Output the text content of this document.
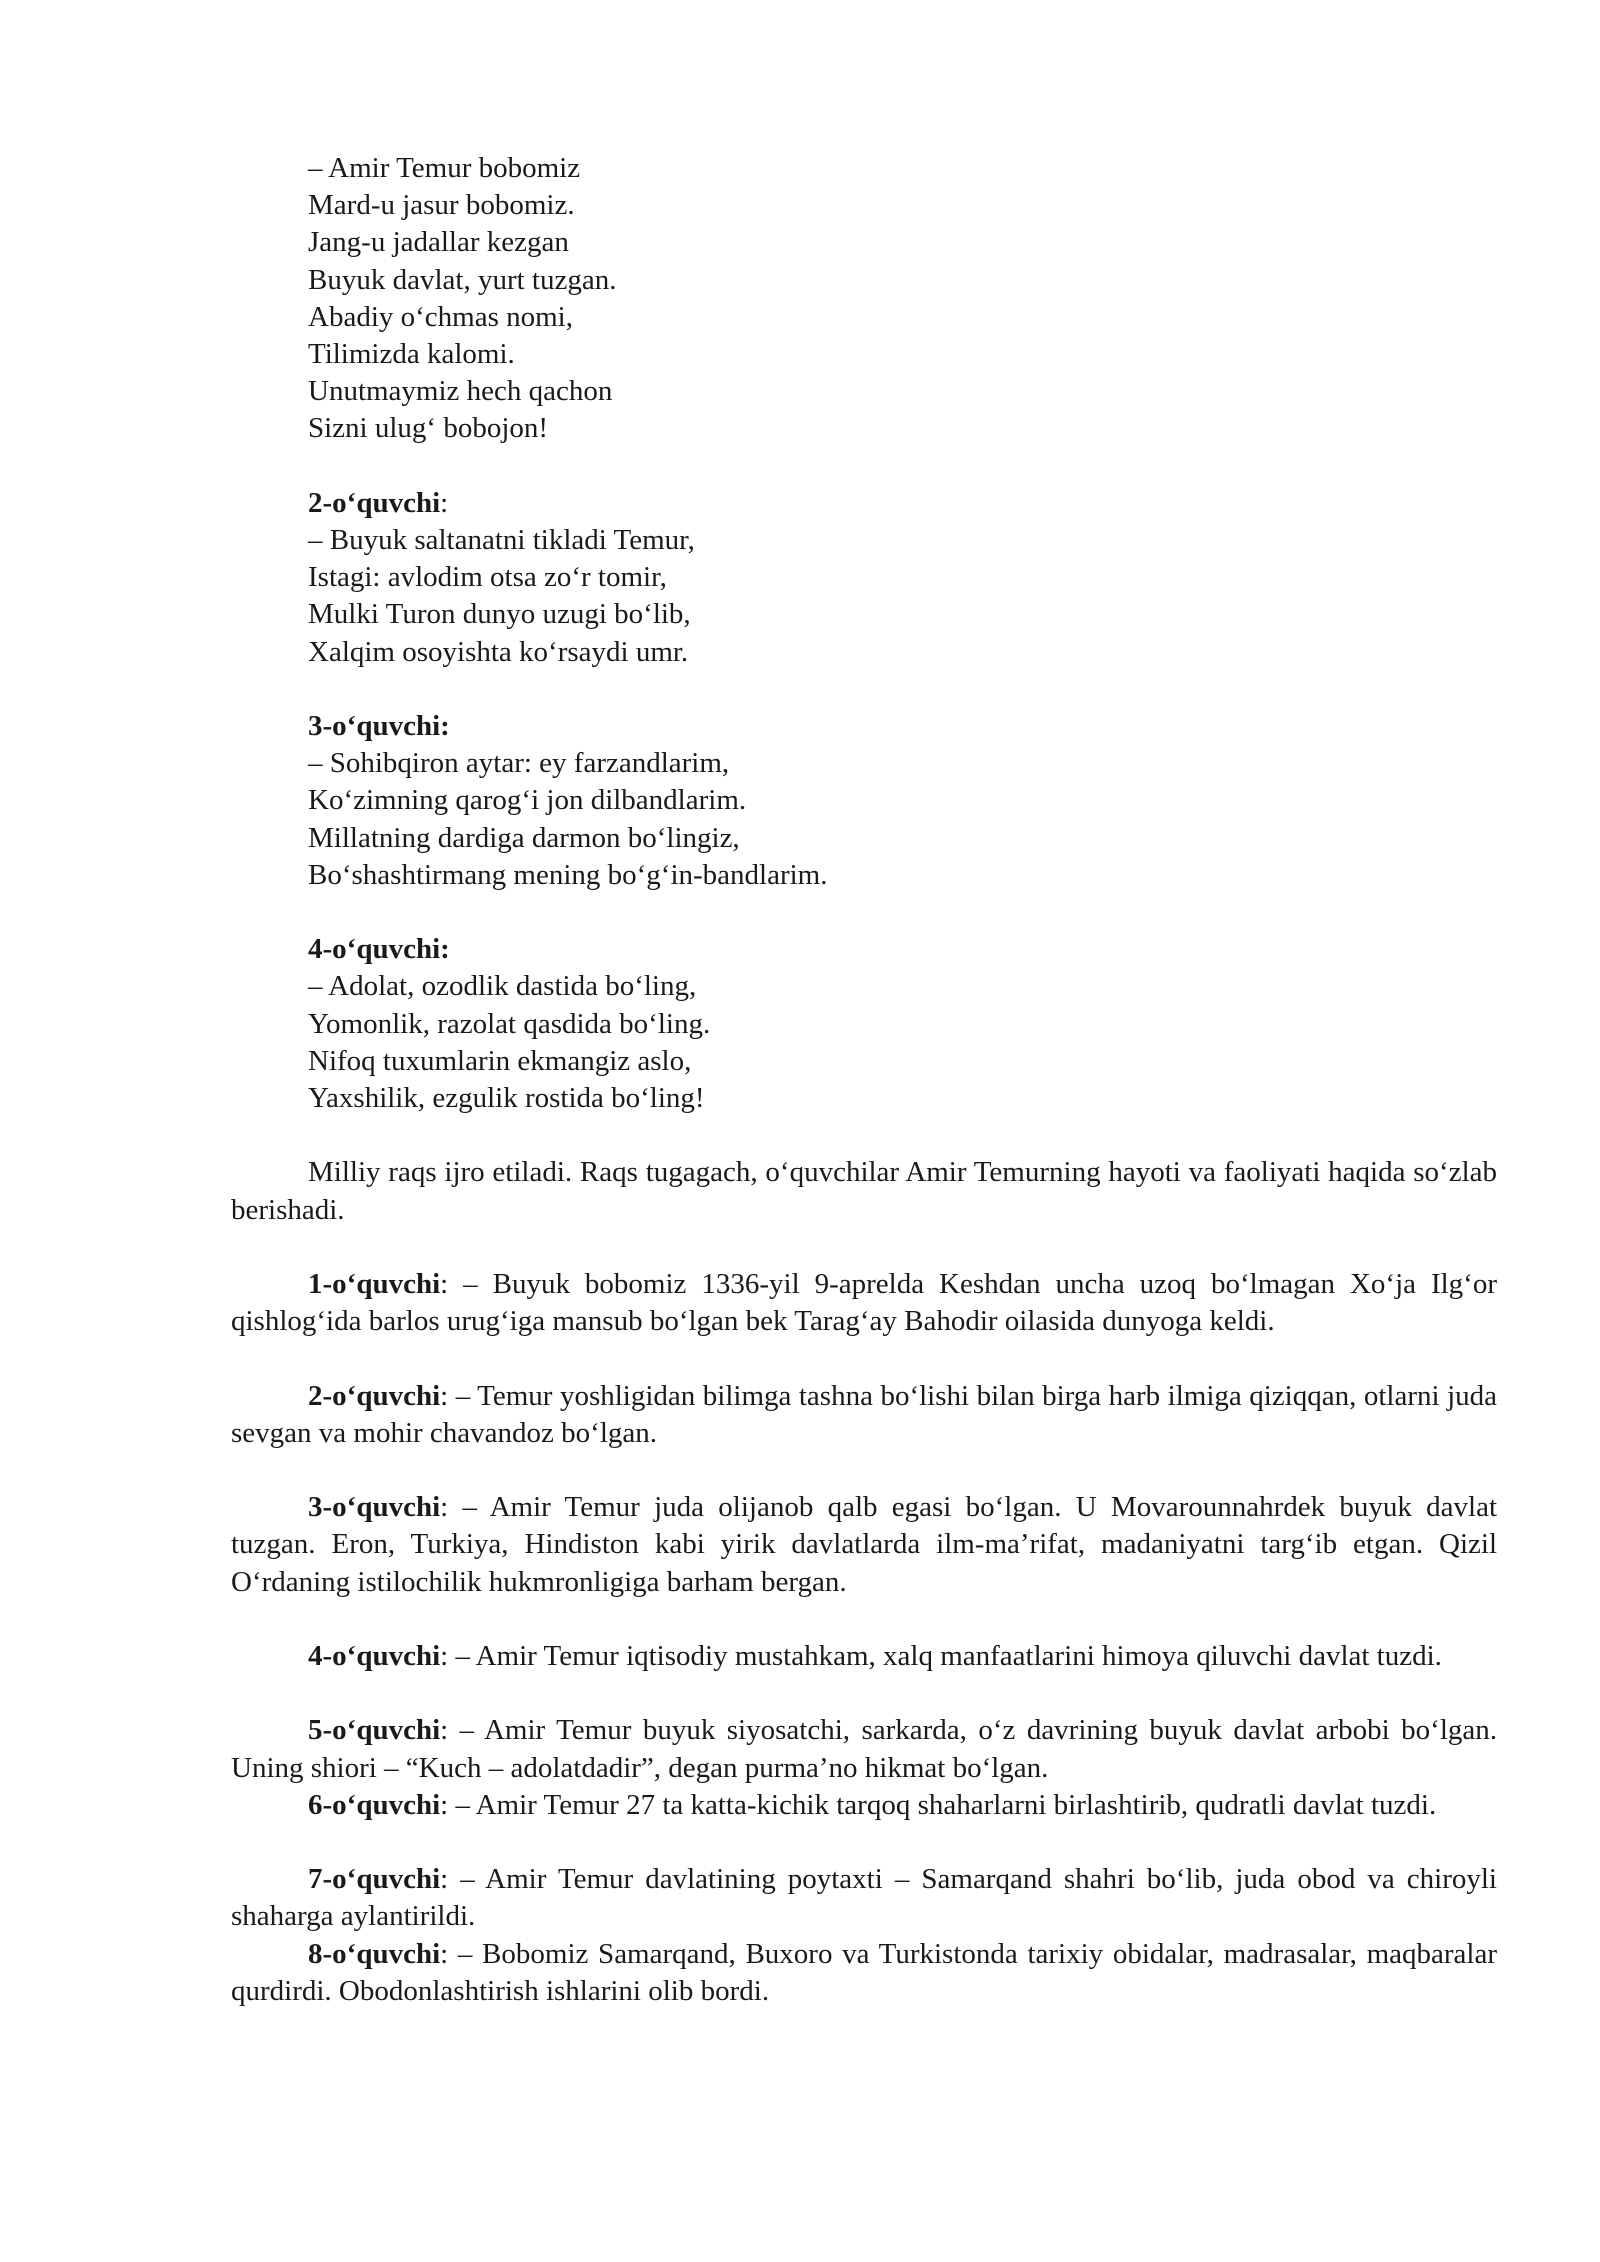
– Amir Temur bobomiz
Mard-u jasur bobomiz.
Jang-u jadallar kezgan
Buyuk davlat, yurt tuzgan.
Abadiy o‘chmas nomi,
Tilimizda kalomi.
Unutmaymiz hech qachon
Sizni ulug‘ bobojon!
2-o‘quvchi:
– Buyuk saltanatni tikladi Temur,
Istagi: avlodim otsa zo‘r tomir,
Mulki Turon dunyo uzugi bo‘lib,
Xalqim osoyishta ko‘rsaydi umr.
3-o‘quvchi:
– Sohibqiron aytar: ey farzandlarim,
Ko‘zimning qarog‘i jon dilbandlarim.
Millatning dardiga darmon bo‘lingiz,
Bo‘shashtirmang mening bo‘g‘in-bandlarim.
4-o‘quvchi:
– Adolat, ozodlik dastida bo‘ling,
Yomonlik, razolat qasdida bo‘ling.
Nifoq tuxumlarin ekmangiz aslo,
Yaxshilik, ezgulik rostida bo‘ling!

Milliy raqs ijro etiladi. Raqs tugagach, o‘quvchilar Amir Temurning hayoti va faoliyati haqida so‘zlab berishadi.

1-o‘quvchi: – Buyuk bobomiz 1336-yil 9-aprelda Keshdan uncha uzoq bo‘lmagan Xo‘ja Ilg‘or qishlog‘ida barlos urug‘iga mansub bo‘lgan bek Tarag‘ay Bahodir oilasida dunyoga keldi.

2-o‘quvchi: – Temur yoshligidan bilimga tashna bo‘lishi bilan birga harb ilmiga qiziqqan, otlarni juda sevgan va mohir chavandoz bo‘lgan.

3-o‘quvchi: – Amir Temur juda olijanob qalb egasi bo‘lgan. U Movarounnahrdek buyuk davlat tuzgan. Eron, Turkiya, Hindiston kabi yirik davlatlarda ilm-ma’rifat, madaniyatni targ‘ib etgan. Qizil O‘rdaning istilochilik hukmronligiga barham bergan.

4-o‘quvchi: – Amir Temur iqtisodiy mustahkam, xalq manfaatlarini himoya qiluvchi davlat tuzdi.

5-o‘quvchi: – Amir Temur buyuk siyosatchi, sarkarda, o‘z davrining buyuk davlat arbobi bo‘lgan. Uning shiori – “Kuch – adolatdadir”, degan purma’no hikmat bo‘lgan.

6-o‘quvchi: – Amir Temur 27 ta katta-kichik tarqoq shaharlarni birlashtirib, qudratli davlat tuzdi.

7-o‘quvchi: – Amir Temur davlatining poytaxti – Samarqand shahri bo‘lib, juda obod va chiroyli shaharga aylantirildi.

8-o‘quvchi: – Bobomiz Samarqand, Buxoro va Turkistonda tarixiy obidalar, madrasalar, maqbaralar qurdirdi. Obodonlashtirish ishlarini olib bordi.
